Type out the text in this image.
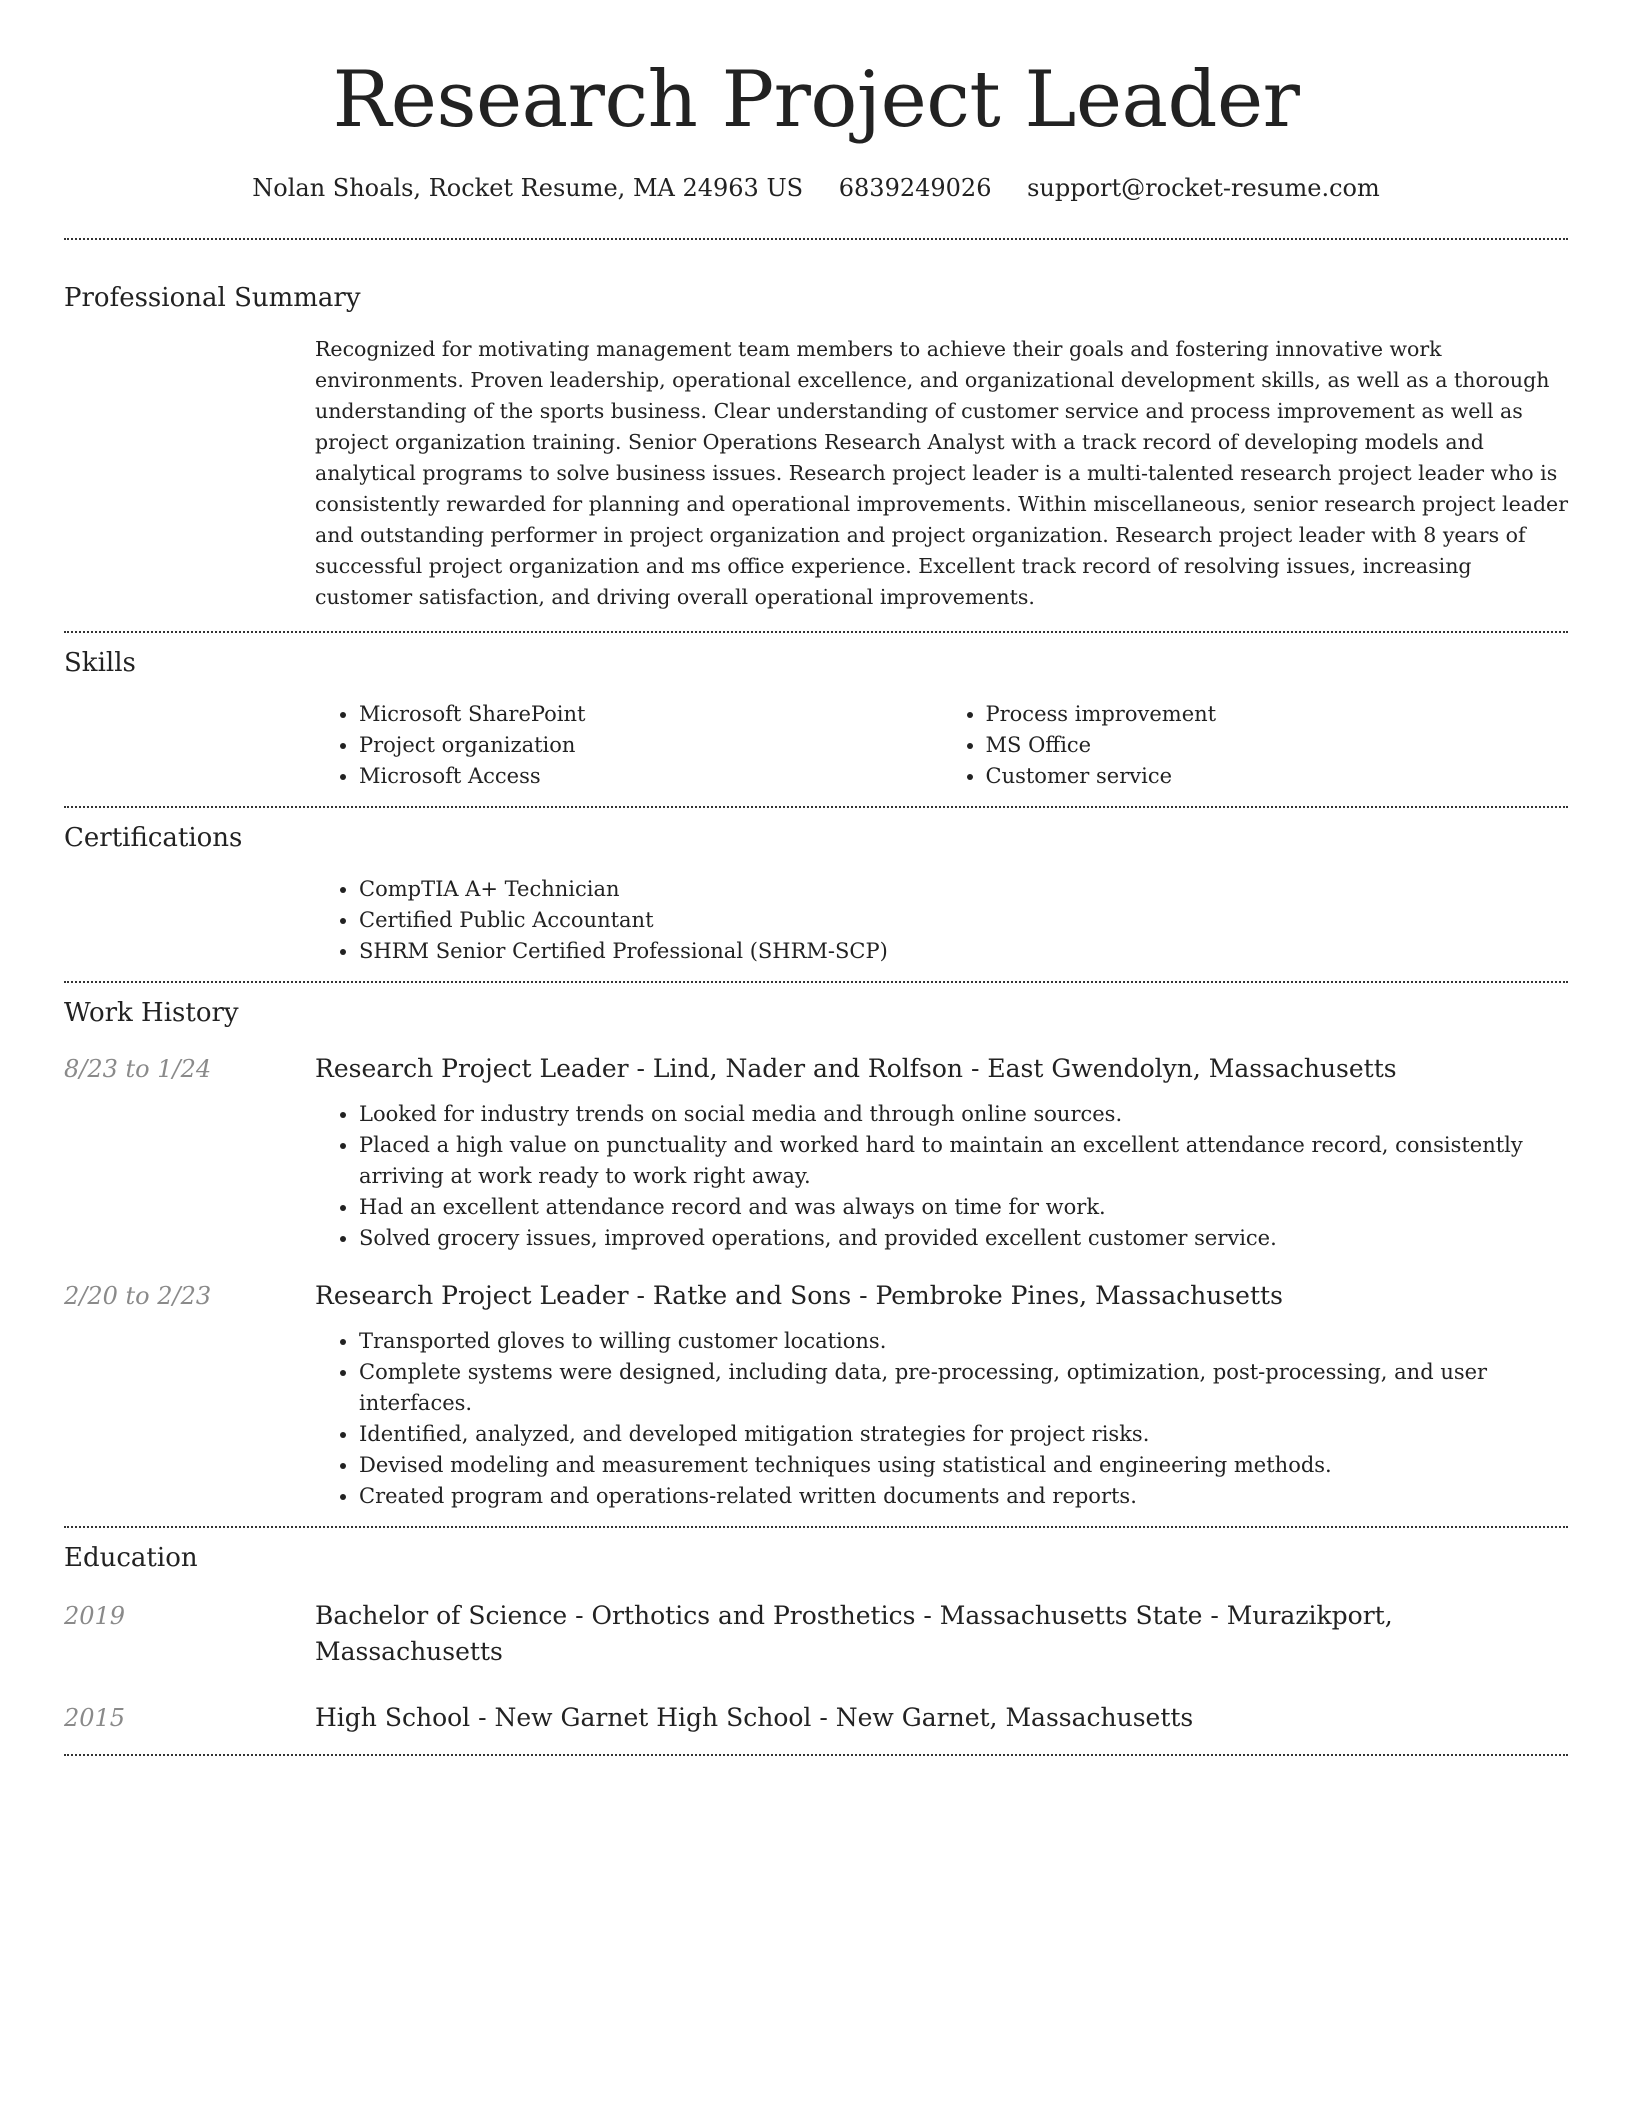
Research Project Leader
Nolan Shoals, Rocket Resume, MA 24963 US 6839249026 support@rocket-resume.com
Professional Summary

Recognized for motivating management team members to achieve their goals and fostering innovative work environments. Proven leadership, operational excellence, and organizational development skills, as well as a thorough understanding of the sports business. Clear understanding of customer service and process improvement as well as project organization training. Senior Operations Research Analyst with a track record of developing models and analytical programs to solve business issues. Research project leader is a multi-talented research project leader who is consistently rewarded for planning and operational improvements. Within miscellaneous, senior research project leader and outstanding performer in project organization and project organization. Research project leader with 8 years of successful project organization and ms office experience. Excellent track record of resolving issues, increasing customer satisfaction, and driving overall operational improvements.

Skills
• Microsoft SharePoint
• Project organization
• Microsoft Access
• Process improvement
• MS Office
• Customer service
Certifications
• CompTIA A+ Technician
• Certified Public Accountant
• SHRM Senior Certified Professional (SHRM-SCP)
Work History
8/23 to 1/24	Research Project Leader - Lind, Nader and Rolfson - East Gwendolyn, Massachusetts
• Looked for industry trends on social media and through online sources.
• Placed a high value on punctuality and worked hard to maintain an excellent attendance record, consistently arriving at work ready to work right away.
• Had an excellent attendance record and was always on time for work.
• Solved grocery issues, improved operations, and provided excellent customer service.
2/20 to 2/23	Research Project Leader - Ratke and Sons - Pembroke Pines, Massachusetts
• Transported gloves to willing customer locations.
• Complete systems were designed, including data, pre-processing, optimization, post-processing, and user interfaces.
• Identified, analyzed, and developed mitigation strategies for project risks.
• Devised modeling and measurement techniques using statistical and engineering methods.
• Created program and operations-related written documents and reports.
Education
2019	Bachelor of Science - Orthotics and Prosthetics - Massachusetts State - Murazikport, Massachusetts
2015	High School - New Garnet High School - New Garnet, Massachusetts
